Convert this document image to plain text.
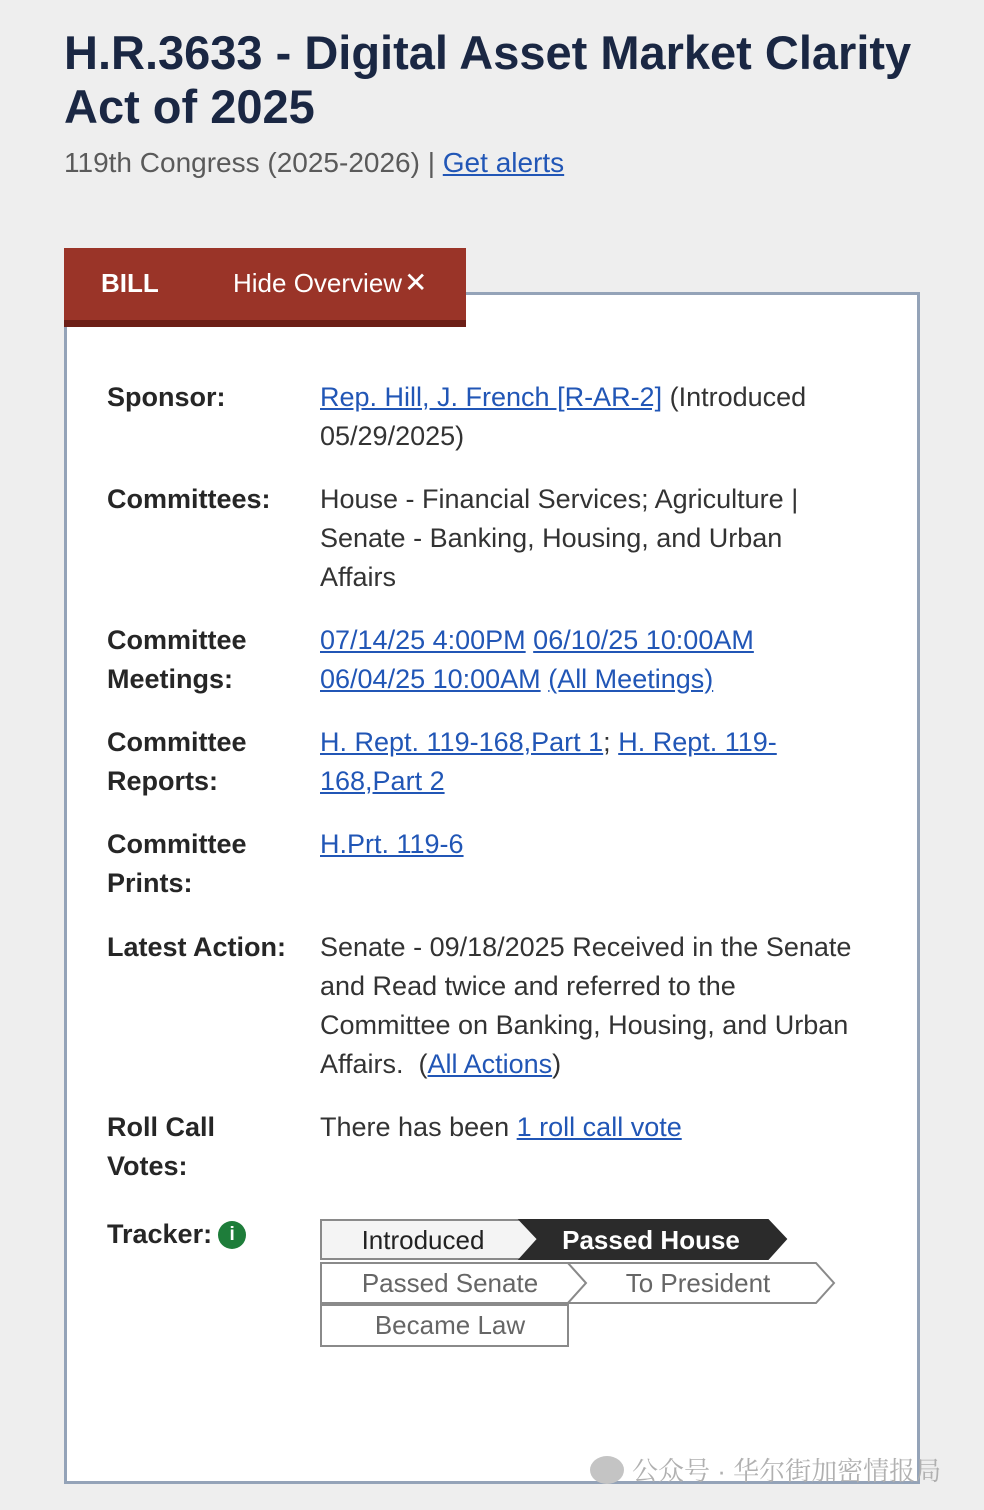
H.R.3633 - Digital Asset Market Clarity Act of 2025
119th Congress (2025-2026) | Get alerts
Sponsor:	Rep. Hill, J. French [R-AR-2] (Introduced 05/29/2025)
Committees:	House - Financial Services; Agriculture | Senate - Banking, Housing, and Urban Affairs
Committee Meetings:
07/14/25 4:00PM 06/10/25 10:00AM 06/04/25 10:00AM (All Meetings)
Committee Reports:
H. Rept. 119-168,Part 1; H. Rept. 119-168,Part 2
Committee Prints:
H.Prt. 119-6
Latest Action:	Senate - 09/18/2025 Received in the Senate and Read twice and referred to the Committee on Banking, Housing, and Urban Affairs. (All Actions)
Roll Call Votes:
There has been 1 roll call vote
Tracker: i	Introduced	Passed House
Passed Senate	To President
Became Law
BILL	Hide Overview ✕
公众号 · 华尔街加密情报局
